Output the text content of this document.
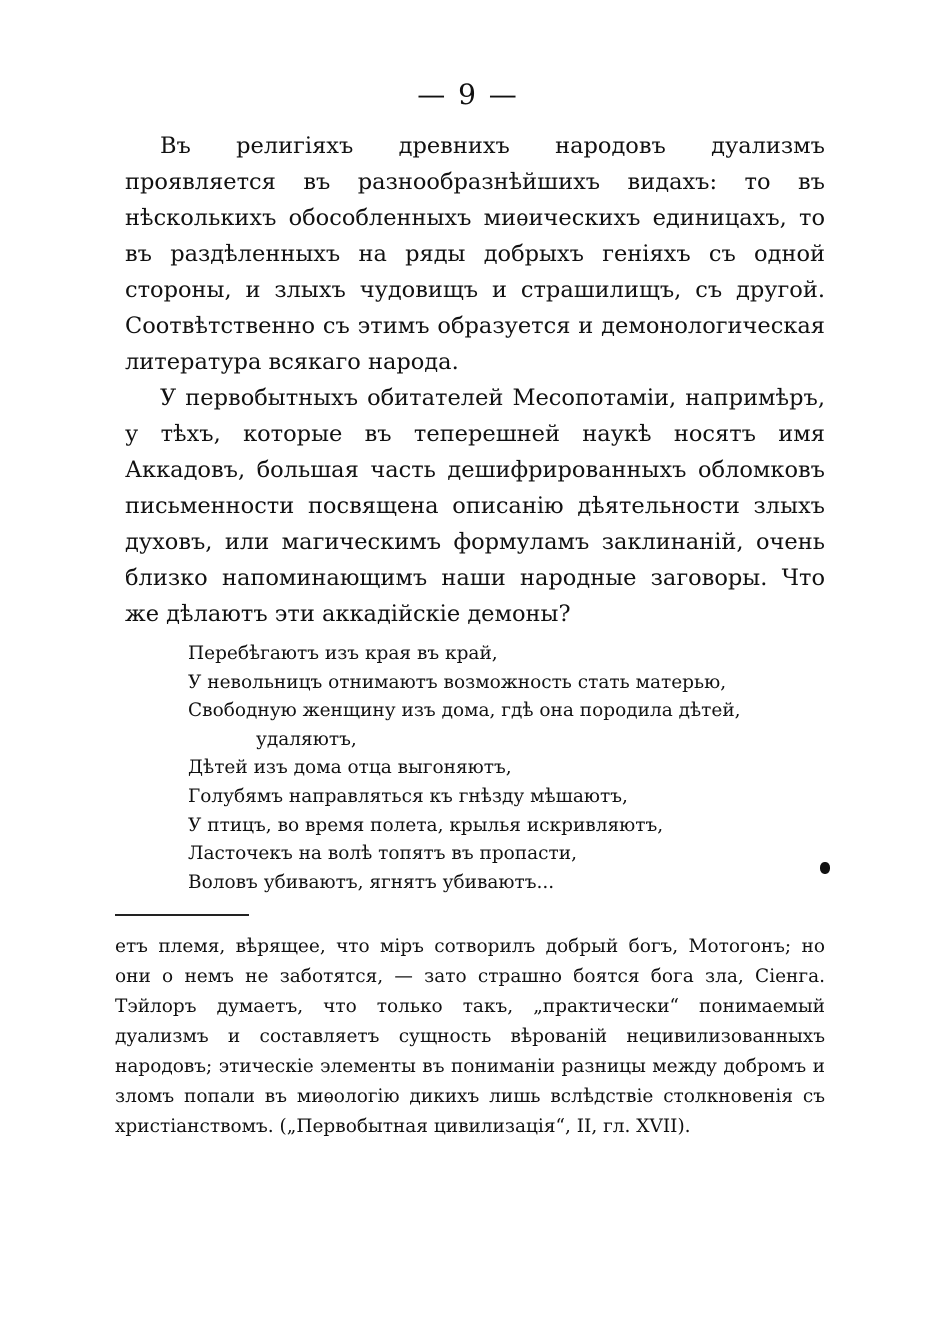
— 9 —

Въ религіяхъ древнихъ народовъ дуализмъ проявляется въ разнообразнѣйшихъ видахъ: то въ нѣсколькихъ обособленныхъ миѳическихъ единицахъ, то въ раздѣленныхъ на ряды добрыхъ геніяхъ съ одной стороны, и злыхъ чудовищъ и страшилищъ, съ другой. Соотвѣтственно съ этимъ образуется и демонологическая литература всякаго народа.

У первобытныхъ обитателей Месопотаміи, напримѣръ, у тѣхъ, которые въ теперешней наукѣ носятъ имя Аккадовъ, большая часть дешифрированныхъ обломковъ письменности посвящена описанію дѣятельности злыхъ духовъ, или магическимъ формуламъ заклинаній, очень близко напоминающимъ наши народные заговоры. Что же дѣлаютъ эти аккадійскіе демоны?

Перебѣгаютъ изъ края въ край,
У невольницъ отнимаютъ возможность стать матерью,
Свободную женщину изъ дома, гдѣ она породила дѣтей,
удаляютъ,
Дѣтей изъ дома отца выгоняютъ,
Голубямъ направляться къ гнѣзду мѣшаютъ,
У птицъ, во время полета, крылья искривляютъ,
Ласточекъ на волѣ топятъ въ пропасти,
Воловъ убиваютъ, ягнятъ убиваютъ...

етъ племя, вѣрящее, что міръ сотворилъ добрый богъ, Мотогонъ; но они о немъ не заботятся, — зато страшно боятся бога зла, Сіенга. Тэйлоръ думаетъ, что только такъ, „практически“ понимаемый дуализмъ и составляетъ сущность вѣрованій нецивилизованныхъ народовъ; этическіе элементы въ пониманіи разницы между добромъ и зломъ попали въ миѳологію дикихъ лишь вслѣдствіе столкновенія съ христіанствомъ. („Первобытная цивилизація“, II, гл. XVII).
